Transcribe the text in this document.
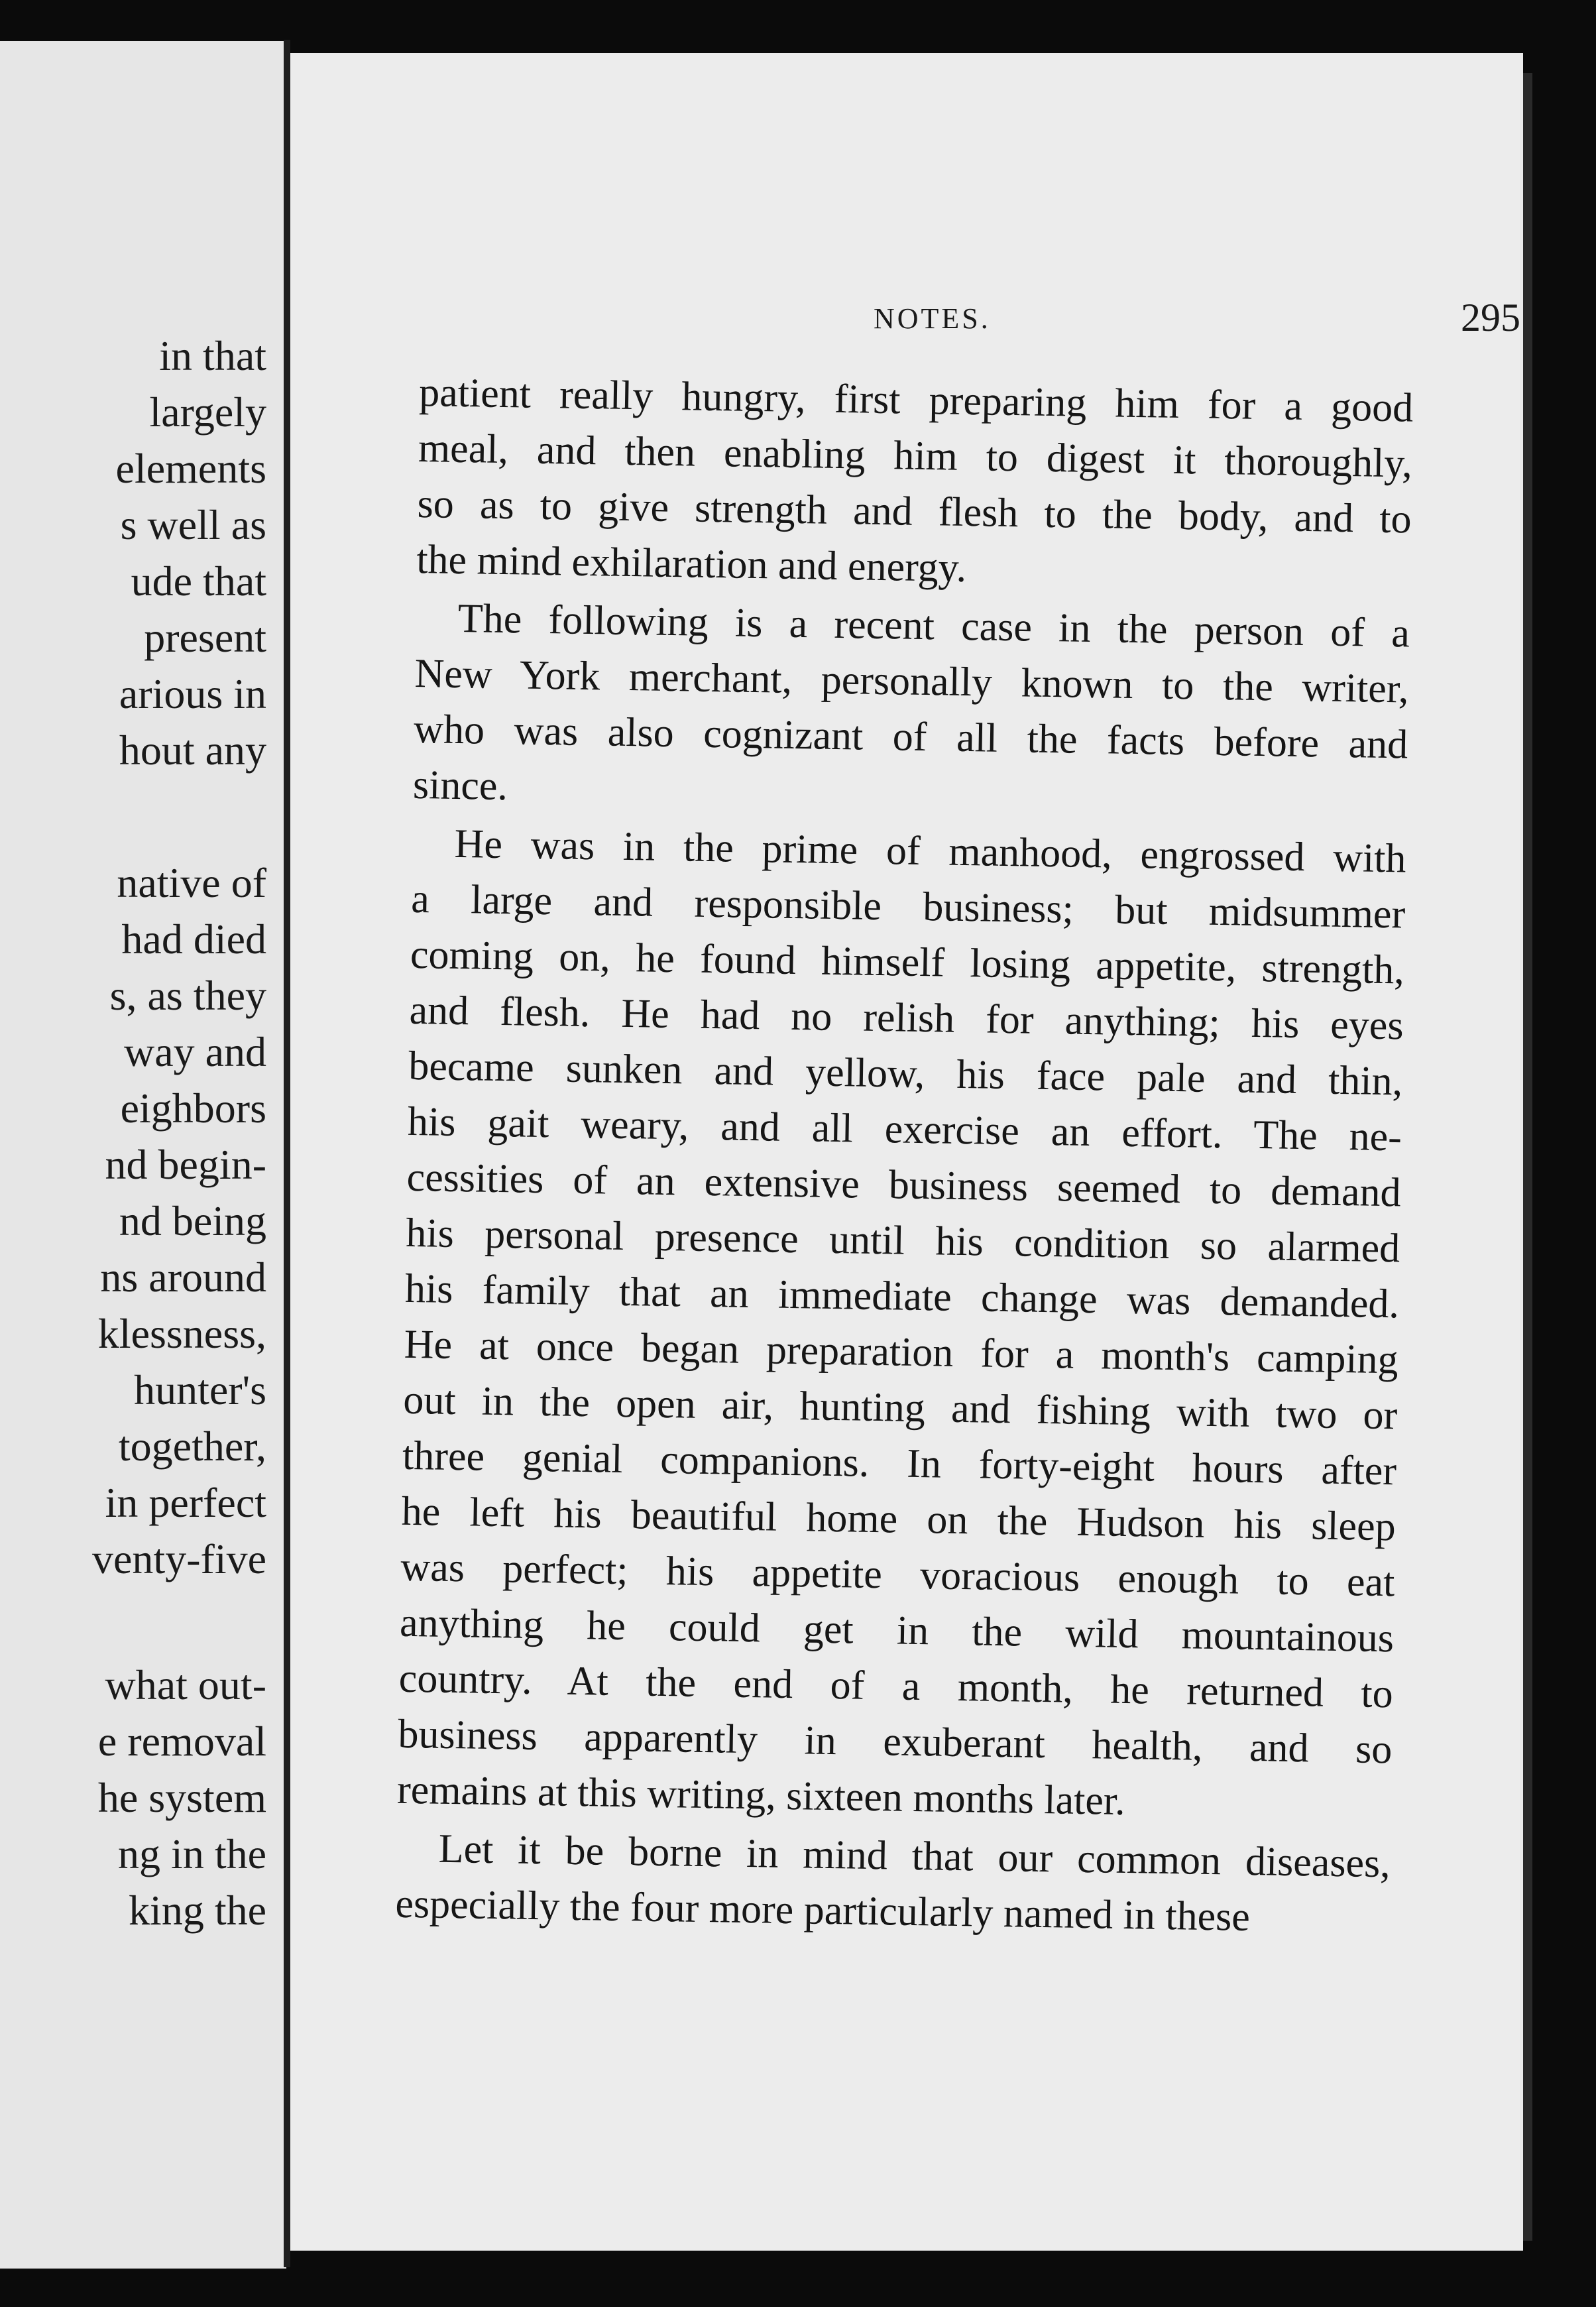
in that
largely
elements
s well as
ude that
present
arious in
hout any
native of
had died
s, as they
way and
eighbors
nd begin-
nd being
ns around
klessness,
hunter's
together,
in perfect
venty-five
what out-
e removal
he system
ng in the
king the
NOTES.	295
patient really hungry, first preparing him for a good
meal, and then enabling him to digest it thoroughly,
so as to give strength and flesh to the body, and to
the mind exhilaration and energy.
The following is a recent case in the person of a
New York merchant, personally known to the writer,
who was also cognizant of all the facts before and
since.
He was in the prime of manhood, engrossed with
a large and responsible business; but midsummer
coming on, he found himself losing appetite, strength,
and flesh. He had no relish for anything; his eyes
became sunken and yellow, his face pale and thin,
his gait weary, and all exercise an effort. The ne-
cessities of an extensive business seemed to demand
his personal presence until his condition so alarmed
his family that an immediate change was demanded.
He at once began preparation for a month's camping
out in the open air, hunting and fishing with two or
three genial companions. In forty-eight hours after
he left his beautiful home on the Hudson his sleep
was perfect; his appetite voracious enough to eat
anything he could get in the wild mountainous
country. At the end of a month, he returned to
business apparently in exuberant health, and so
remains at this writing, sixteen months later.
Let it be borne in mind that our common diseases,
especially the four more particularly named in these
